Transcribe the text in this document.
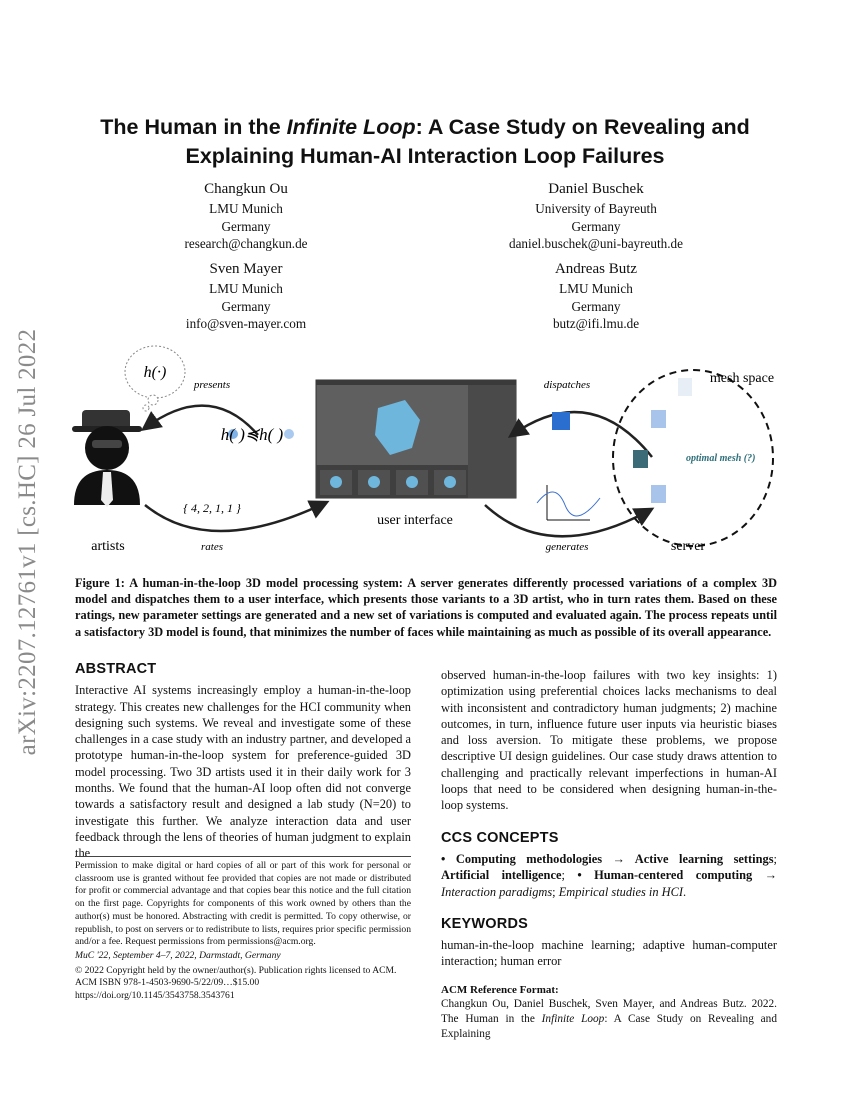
arXiv:2207.12761v1 [cs.HC] 26 Jul 2022
The Human in the Infinite Loop: A Case Study on Revealing and Explaining Human-AI Interaction Loop Failures
Changkun Ou
LMU Munich
Germany
research@changkun.de
Daniel Buschek
University of Bayreuth
Germany
daniel.buschek@uni-bayreuth.de
Sven Mayer
LMU Munich
Germany
info@sven-mayer.com
Andreas Butz
LMU Munich
Germany
butz@ifi.lmu.de
h(·)
artists
presents
h( )≼h( )
{ 4, 2, 1, 1 }
rates
user interface
dispatches
generates
mesh space
optimal mesh (?)
server
Figure 1: A human-in-the-loop 3D model processing system: A server generates differently processed variations of a complex 3D model and dispatches them to a user interface, which presents those variants to a 3D artist, who in turn rates them. Based on these ratings, new parameter settings are generated and a new set of variations is computed and evaluated again. The process repeats until a satisfactory 3D model is found, that minimizes the number of faces while maintaining as much as possible of its overall appearance.
ABSTRACT

Interactive AI systems increasingly employ a human-in-the-loop strategy. This creates new challenges for the HCI community when designing such systems. We reveal and investigate some of these challenges in a case study with an industry partner, and developed a prototype human-in-the-loop system for preference-guided 3D model processing. Two 3D artists used it in their daily work for 3 months. We found that the human-AI loop often did not converge towards a satisfactory result and designed a lab study (N=20) to investigate this further. We analyze interaction data and user feedback through the lens of theories of human judgment to explain the

Permission to make digital or hard copies of all or part of this work for personal or classroom use is granted without fee provided that copies are not made or distributed for profit or commercial advantage and that copies bear this notice and the full citation on the first page. Copyrights for components of this work owned by others than the author(s) must be honored. Abstracting with credit is permitted. To copy otherwise, or republish, to post on servers or to redistribute to lists, requires prior specific permission and/or a fee. Request permissions from permissions@acm.org.
MuC '22, September 4–7, 2022, Darmstadt, Germany
© 2022 Copyright held by the owner/author(s). Publication rights licensed to ACM.
ACM ISBN 978-1-4503-9690-5/22/09…$15.00
https://doi.org/10.1145/3543758.3543761

observed human-in-the-loop failures with two key insights: 1) optimization using preferential choices lacks mechanisms to deal with inconsistent and contradictory human judgments; 2) machine outcomes, in turn, influence future user inputs via heuristic biases and loss aversion. To mitigate these problems, we propose descriptive UI design guidelines. Our case study draws attention to challenging and practically relevant imperfections in human-AI loops that need to be considered when designing human-in-the-loop systems.

CCS CONCEPTS

• Computing methodologies → Active learning settings; Artificial intelligence; • Human-centered computing → Interaction paradigms; Empirical studies in HCI.

KEYWORDS

human-in-the-loop machine learning; adaptive human-computer interaction; human error

ACM Reference Format:

Changkun Ou, Daniel Buschek, Sven Mayer, and Andreas Butz. 2022. The Human in the Infinite Loop: A Case Study on Revealing and Explaining
